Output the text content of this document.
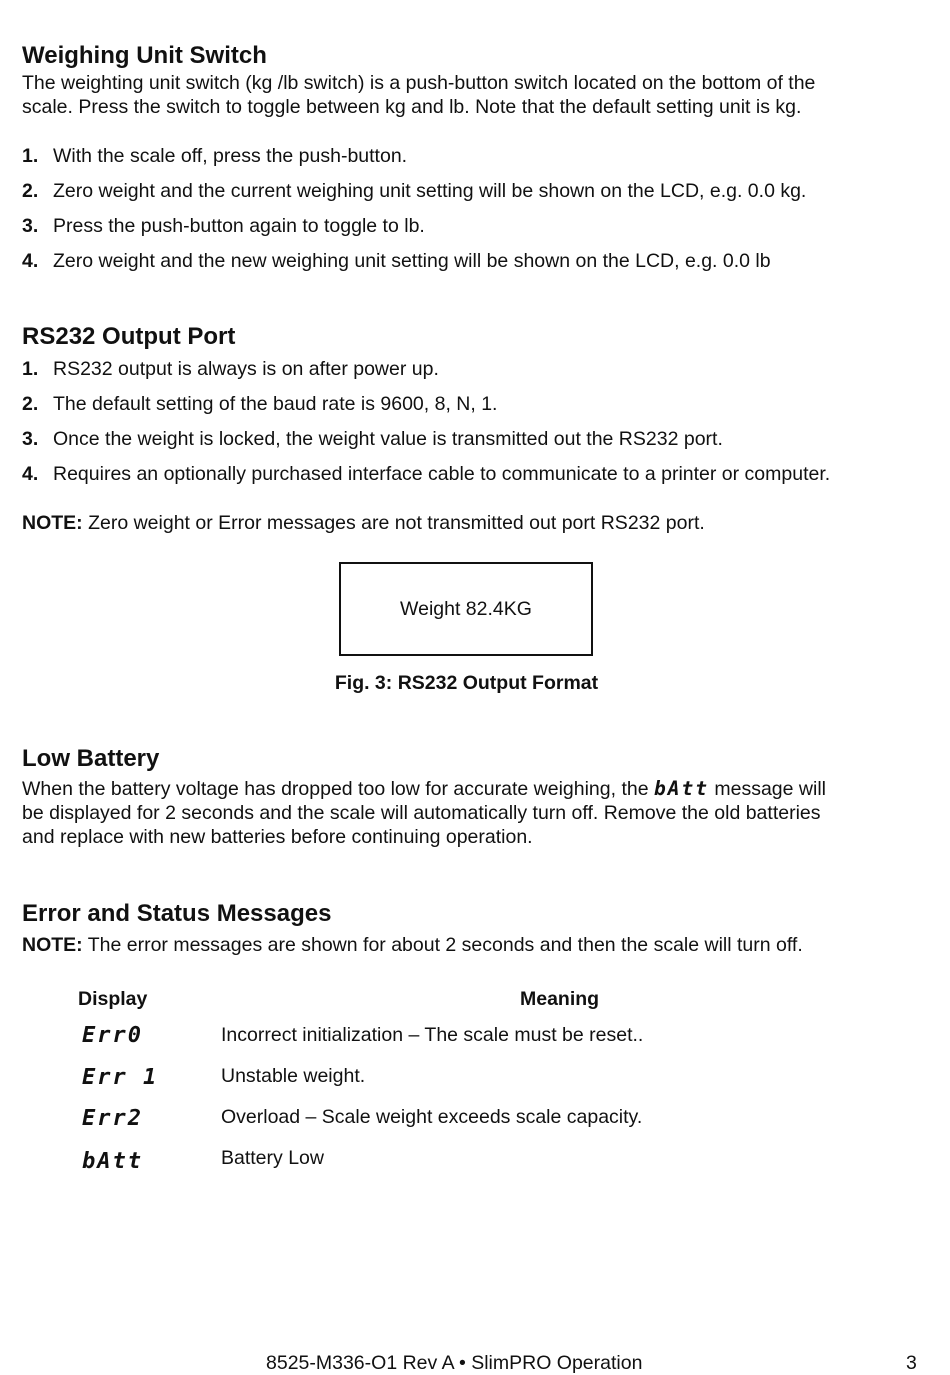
Weighing Unit Switch

The weighting unit switch (kg /lb switch) is a push-button switch located on the bottom of the

scale. Press the switch to toggle between kg and lb. Note that the default setting unit is kg.

1. With the scale off, press the push-button.
2. Zero weight and the current weighing unit setting will be shown on the LCD, e.g. 0.0 kg.
3. Press the push-button again to toggle to lb.
4. Zero weight and the new weighing unit setting will be shown on the LCD, e.g. 0.0 lb
RS232 Output Port
1. RS232 output is always is on after power up.
2. The default setting of the baud rate is 9600, 8, N, 1.
3. Once the weight is locked, the weight value is transmitted out the RS232 port.
4. Requires an optionally purchased interface cable to communicate to a printer or computer.

NOTE: Zero weight or Error messages are not transmitted out port RS232 port.

Weight 82.4KG
Fig. 3: RS232 Output Format
Low Battery

When the battery voltage has dropped too low for accurate weighing, the bAtt message will

be displayed for 2 seconds and the scale will automatically turn off. Remove the old batteries

and replace with new batteries before continuing operation.

Error and Status Messages

NOTE: The error messages are shown for about 2 seconds and then the scale will turn off.

Display	Meaning
Err0	Incorrect initialization – The scale must be reset..
Err 1	Unstable weight.
Err2	Overload – Scale weight exceeds scale capacity.
bAtt	Battery Low
8525-M336-O1 Rev A • SlimPRO Operation	3
